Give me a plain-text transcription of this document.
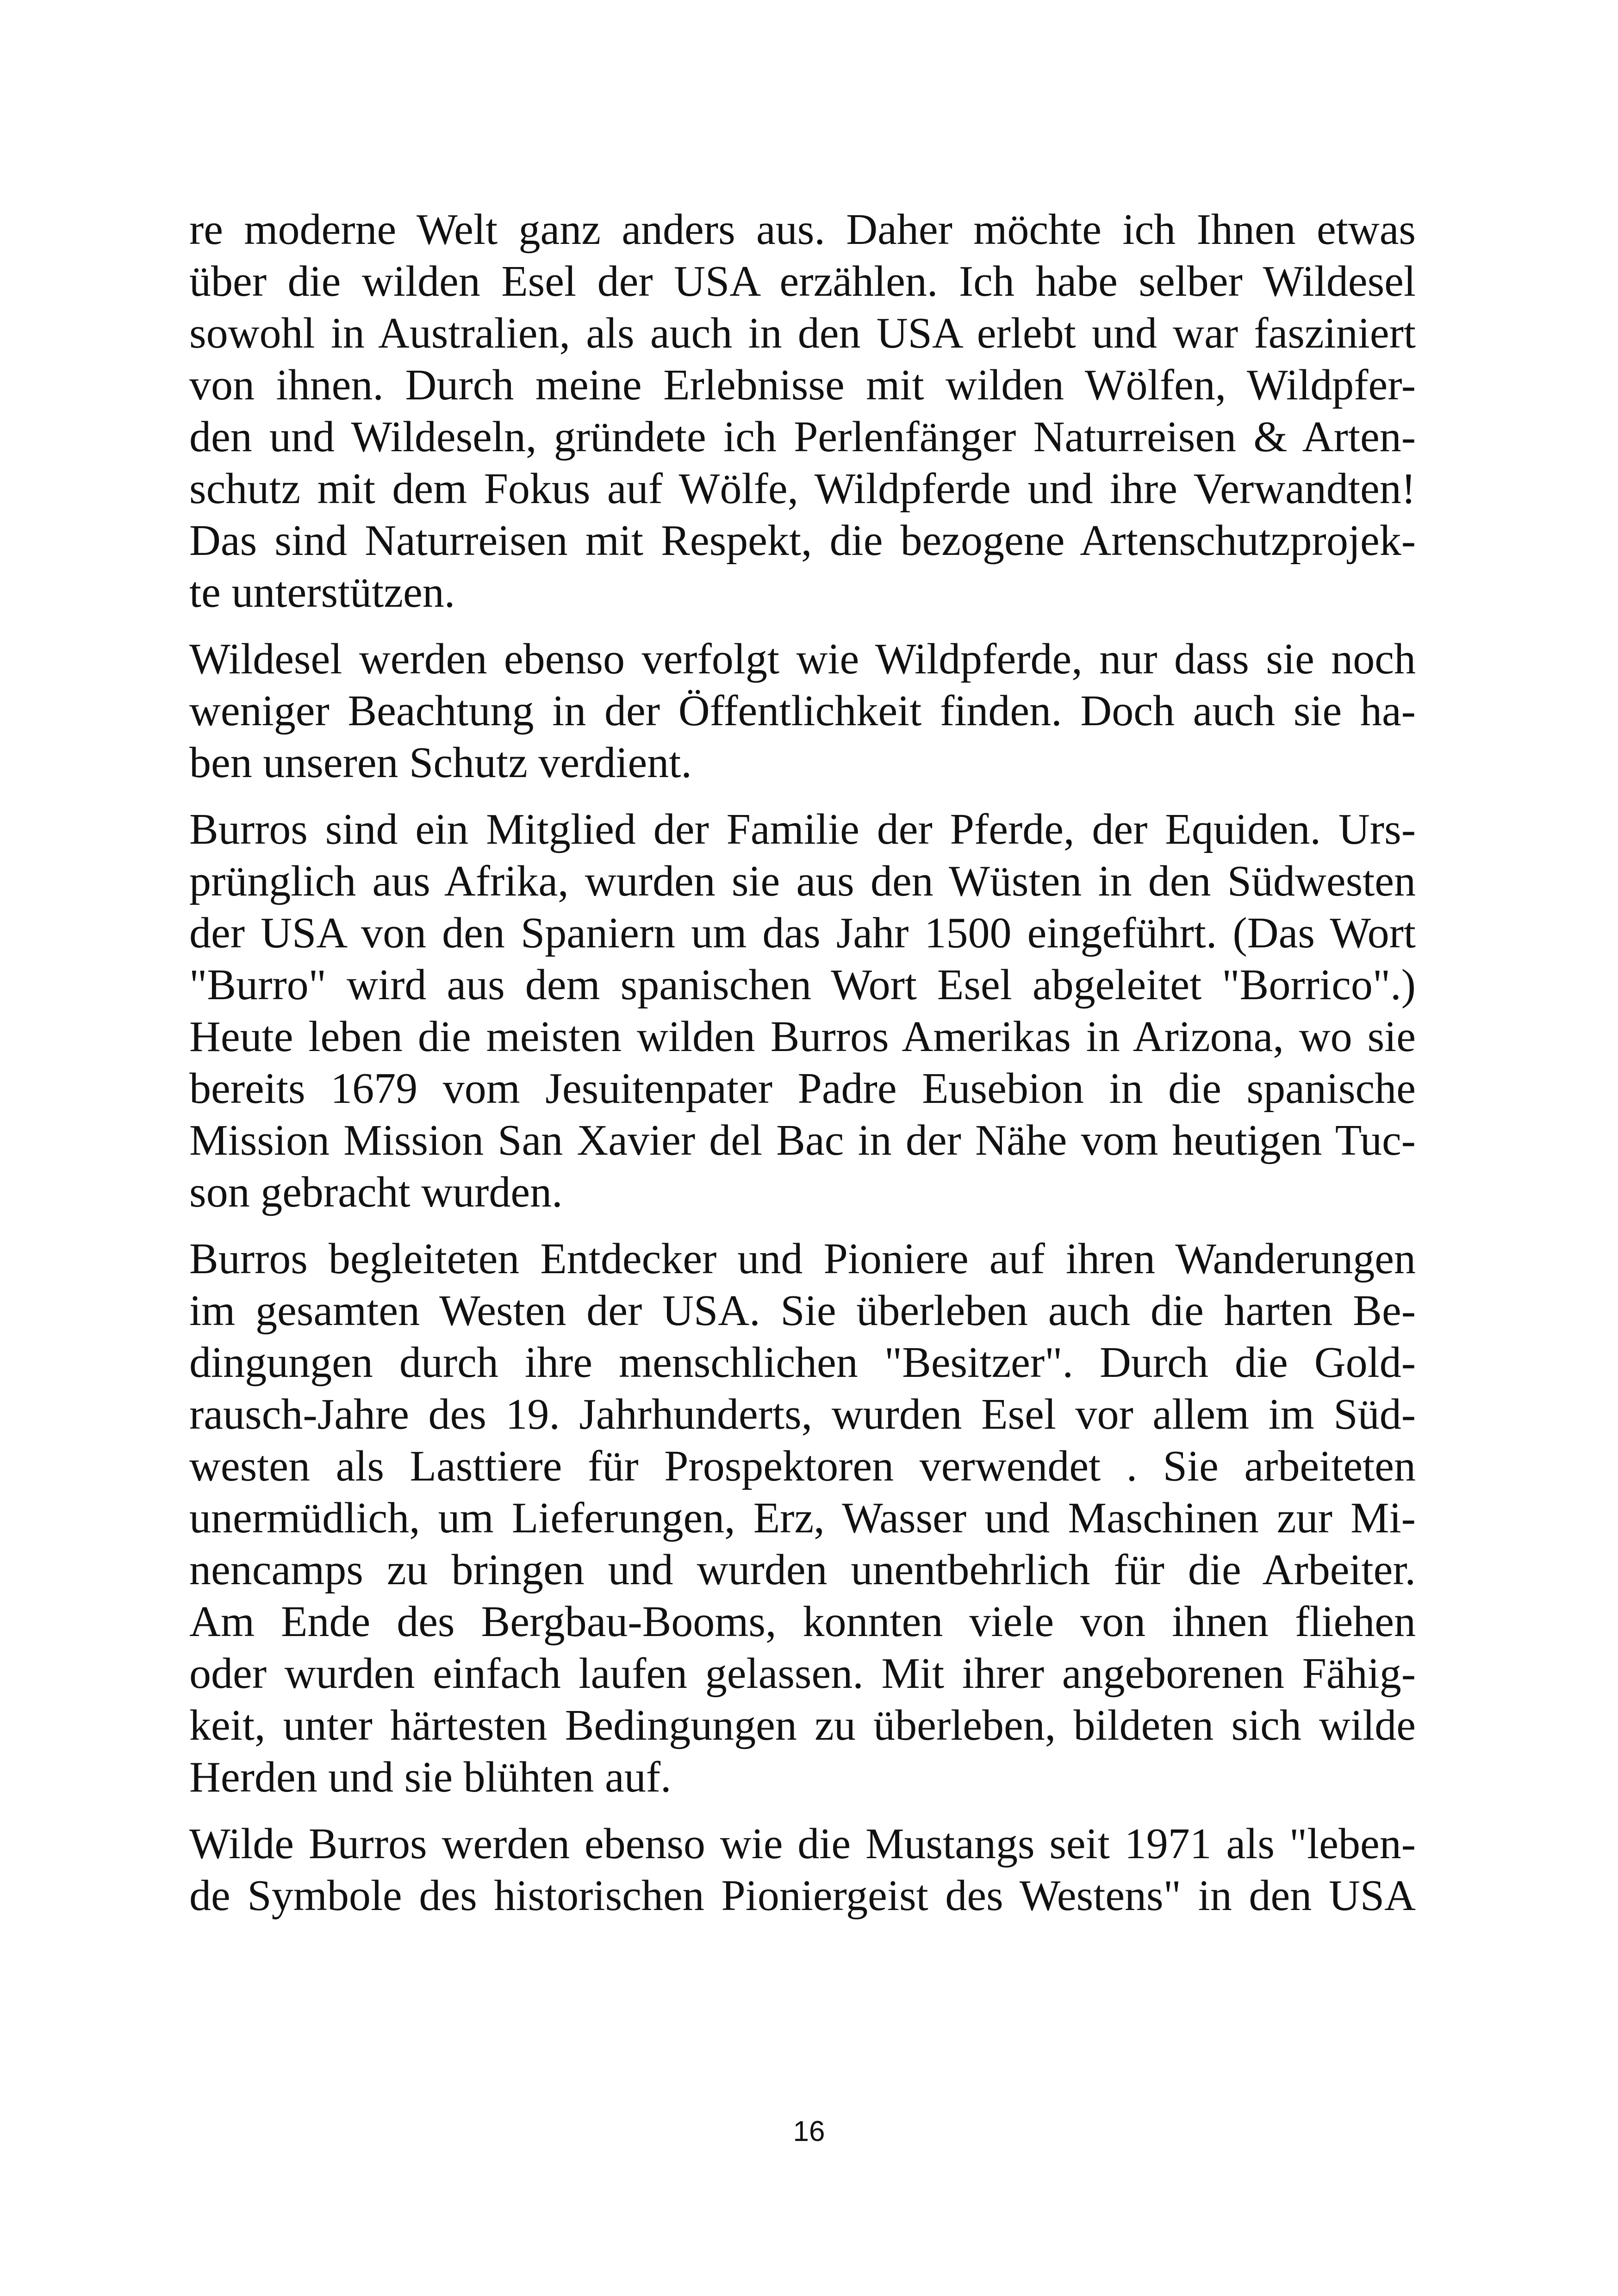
re moderne Welt ganz anders aus. Daher möchte ich Ihnen etwas
über die wilden Esel der USA erzählen. Ich habe selber Wildesel
sowohl in Australien, als auch in den USA erlebt und war fasziniert
von ihnen. Durch meine Erlebnisse mit wilden Wölfen, Wildpfer-
den und Wildeseln, gründete ich Perlenfänger Naturreisen & Arten-
schutz mit dem Fokus auf Wölfe, Wildpferde und ihre Verwandten!
Das sind Naturreisen mit Respekt, die bezogene Artenschutzprojek-
te unterstützen.

Wildesel werden ebenso verfolgt wie Wildpferde, nur dass sie noch
weniger Beachtung in der Öffentlichkeit finden. Doch auch sie ha-
ben unseren Schutz verdient.

Burros sind ein Mitglied der Familie der Pferde, der Equiden. Urs-
prünglich aus Afrika, wurden sie aus den Wüsten in den Südwesten
der USA von den Spaniern um das Jahr 1500 eingeführt. (Das Wort
"Burro" wird aus dem spanischen Wort Esel abgeleitet "Borrico".)
Heute leben die meisten wilden Burros Amerikas in Arizona, wo sie
bereits 1679 vom Jesuitenpater Padre Eusebion in die spanische
Mission Mission San Xavier del Bac in der Nähe vom heutigen Tuc-
son gebracht wurden.

Burros begleiteten Entdecker und Pioniere auf ihren Wanderungen
im gesamten Westen der USA. Sie überleben auch die harten Be-
dingungen durch ihre menschlichen "Besitzer". Durch die Gold-
rausch-Jahre des 19. Jahrhunderts, wurden Esel vor allem im Süd-
westen als Lasttiere für Prospektoren verwendet . Sie arbeiteten
unermüdlich, um Lieferungen, Erz, Wasser und Maschinen zur Mi-
nencamps zu bringen und wurden unentbehrlich für die Arbeiter.
Am Ende des Bergbau-Booms, konnten viele von ihnen fliehen
oder wurden einfach laufen gelassen. Mit ihrer angeborenen Fähig-
keit, unter härtesten Bedingungen zu überleben, bildeten sich wilde
Herden und sie blühten auf.

Wilde Burros werden ebenso wie die Mustangs seit 1971 als "leben-
de Symbole des historischen Pioniergeist des Westens" in den USA

16
